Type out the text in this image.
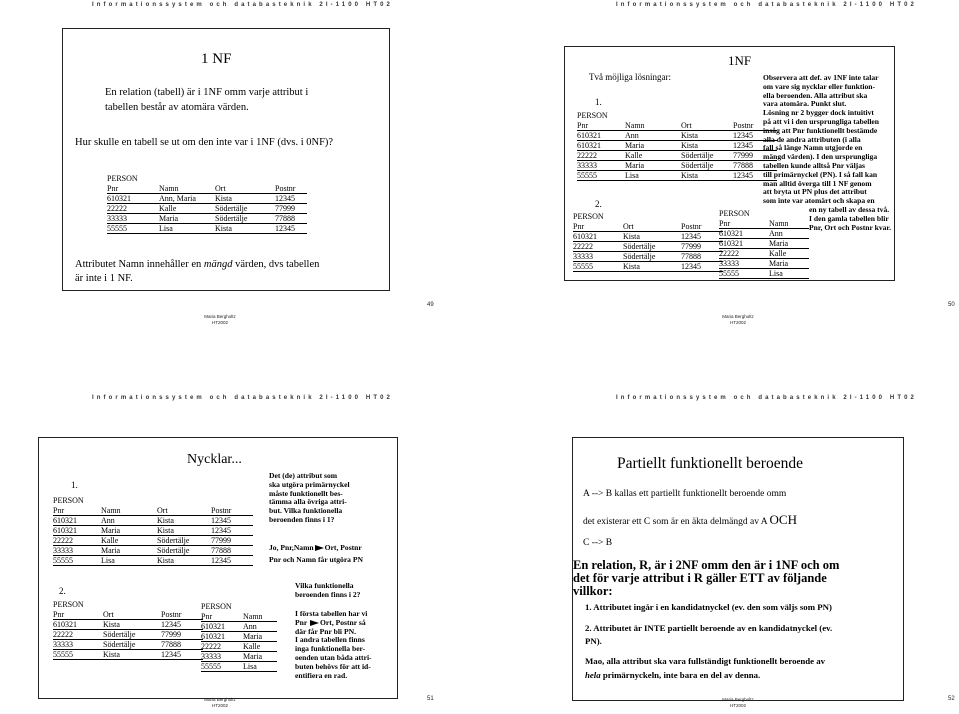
Informationssystem och databasteknik 2I-1100 HT02
1 NF
En relation (tabell) är i 1NF omm varje attribut i
tabellen består av atomära värden.
Hur skulle en tabell se ut om den inte var i 1NF (dvs. i 0NF)?
PERSON
Pnr	Namn	Ort	Postnr
610321	Ann, Maria	Kista	12345
22222	Kalle	Södertälje	77999
33333	Maria	Södertälje	77888
55555	Lisa	Kista	12345
Attributet Namn innehåller en mängd värden, dvs tabellen
är inte i 1 NF.
Maria Bergholtz
HT2002
49
Informationssystem och databasteknik 2I-1100 HT02
1NF
Två möjliga lösningar:
1.
PERSON
Pnr	Namn	Ort	Postnr
610321	Ann	Kista	12345
610321	Maria	Kista	12345
22222	Kalle	Södertälje	77999
33333	Maria	Södertälje	77888
55555	Lisa	Kista	12345
2.
PERSON
Pnr	Ort	Postnr
610321	Kista	12345
22222	Södertälje	77999
33333	Södertälje	77888
55555	Kista	12345
PERSON
Pnr	Namn
610321	Ann
610321	Maria
22222	Kalle
33333	Maria
55555	Lisa
Observera att def. av 1NF inte talar
om vare sig nycklar eller funktion-
ella beroenden. Alla attribut ska
vara atomära. Punkt slut.
Lösning nr 2 bygger dock intuitivt
på att vi i den ursprungliga tabellen
insåg att Pnr funktionellt bestämde
alla de andra attributen (i alla
fall så länge Namn utgjorde en
mängd värden). I den ursprungliga
tabellen kunde alltså Pnr väljas
till primärnyckel (PN). I så fall kan
man alltid överga till 1 NF genom
att bryta ut PN plus det attribut
som inte var atomärt och skapa en
en ny tabell av dessa två.
I den gamla tabellen blir
Pnr, Ort och Postnr kvar.
Maria Bergholtz
HT2002
50
Informationssystem och databasteknik 2I-1100 HT02
Nycklar...
1.
PERSON
Pnr	Namn	Ort	Postnr
610321	Ann	Kista	12345
610321	Maria	Kista	12345
22222	Kalle	Södertälje	77999
33333	Maria	Södertälje	77888
55555	Lisa	Kista	12345
2.
PERSON
Pnr	Ort	Postnr
610321	Kista	12345
22222	Södertälje	77999
33333	Södertälje	77888
55555	Kista	12345
PERSON
Pnr	Namn
610321	Ann
610321	Maria
22222	Kalle
33333	Maria
55555	Lisa
Det (de) attribut som
ska utgöra primärnyckel
måste funktionellt bes-
tämma alla övriga attri-
but. Vilka funktionella
beroenden finns i 1?
Jo, Pnr,Namn Ort, Postnr
Pnr och Namn får utgöra PN
Vilka funktionella
beroenden finns i 2?
I första tabellen har vi
Pnr Ort, Postnr så
där får Pnr bli PN.
I andra tabellen finns
inga funktionella ber-
oenden utan båda attri-
buten behövs för att id-
entifiera en rad.
Maria Bergholtz
HT2002
51
Informationssystem och databasteknik 2I-1100 HT02
Partiellt funktionellt beroende
A --> B kallas ett partiellt funktionellt beroende omm
det existerar ett C som är en äkta delmängd av A OCH
C --> B
En relation, R, är i 2NF omm den är i 1NF och om
det för varje attribut i R gäller ETT av följande
villkor:
1. Attributet ingår i en kandidatnyckel (ev. den som väljs som PN)
2. Attributet är INTE partiellt beroende av en kandidatnyckel (ev.
PN).
Mao, alla attribut ska vara fullständigt funktionellt beroende av
hela primärnyckeln, inte bara en del av denna.
Maria Bergholtz
HT2002
52
